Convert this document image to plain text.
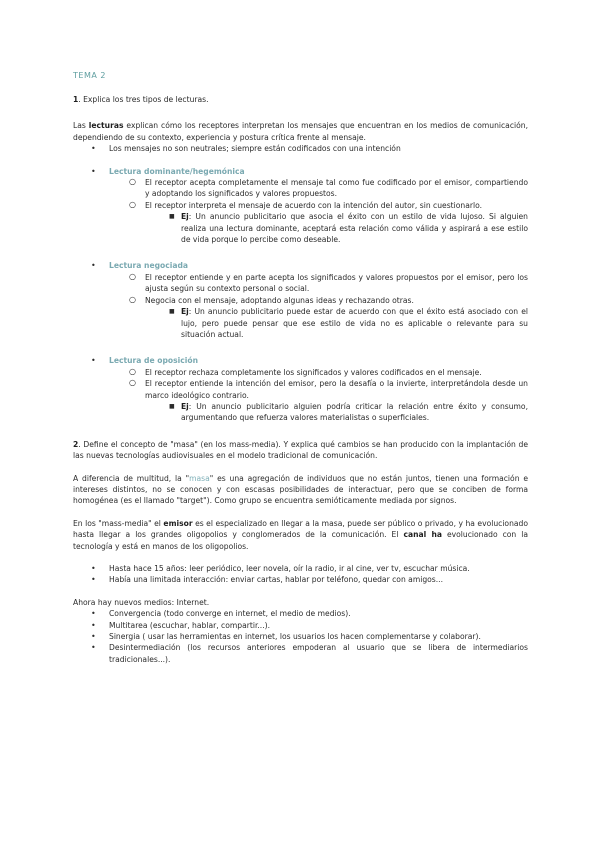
TEMA 2

1. Explica los tres tipos de lecturas.

Las lecturas explican cómo los receptores interpretan los mensajes que encuentran en los medios de comunicación, dependiendo de su contexto, experiencia y postura crítica frente al mensaje.

• Los mensajes no son neutrales; siempre están codificados con una intención
• Lectura dominante/hegemónica
○ El receptor acepta completamente el mensaje tal como fue codificado por el emisor, compartiendo y adoptando los significados y valores propuestos.
○ El receptor interpreta el mensaje de acuerdo con la intención del autor, sin cuestionarlo.
■ Ej: Un anuncio publicitario que asocia el éxito con un estilo de vida lujoso. Si alguien realiza una lectura dominante, aceptará esta relación como válida y aspirará a ese estilo de vida porque lo percibe como deseable.
• Lectura negociada
○ El receptor entiende y en parte acepta los significados y valores propuestos por el emisor, pero los ajusta según su contexto personal o social.
○ Negocia con el mensaje, adoptando algunas ideas y rechazando otras.
■ Ej: Un anuncio publicitario puede estar de acuerdo con que el éxito está asociado con el lujo, pero puede pensar que ese estilo de vida no es aplicable o relevante para su situación actual.
• Lectura de oposición
○ El receptor rechaza completamente los significados y valores codificados en el mensaje.
○ El receptor entiende la intención del emisor, pero la desafía o la invierte, interpretándola desde un marco ideológico contrario.
■ Ej: Un anuncio publicitario alguien podría criticar la relación entre éxito y consumo, argumentando que refuerza valores materialistas o superficiales.

2. Define el concepto de "masa" (en los mass-media). Y explica qué cambios se han producido con la implantación de las nuevas tecnologías audiovisuales en el modelo tradicional de comunicación.

A diferencia de multitud, la "masa" es una agregación de individuos que no están juntos, tienen una formación e intereses distintos, no se conocen y con escasas posibilidades de interactuar, pero que se conciben de forma homogénea (es el llamado "target"). Como grupo se encuentra semióticamente mediada por signos.

En los "mass-media" el emisor es el especializado en llegar a la masa, puede ser público o privado, y ha evolucionado hasta llegar a los grandes oligopolios y conglomerados de la comunicación. El canal ha evolucionado con la tecnología y está en manos de los oligopolios.

• Hasta hace 15 años: leer periódico, leer novela, oír la radio, ir al cine, ver tv, escuchar música.
• Había una limitada interacción: enviar cartas, hablar por teléfono, quedar con amigos...

Ahora hay nuevos medios: Internet.

• Convergencia (todo converge en internet, el medio de medios).
• Multitarea (escuchar, hablar, compartir...).
• Sinergia ( usar las herramientas en internet, los usuarios los hacen complementarse y colaborar).
• Desintermediación (los recursos anteriores empoderan al usuario que se libera de intermediarios tradicionales...).
